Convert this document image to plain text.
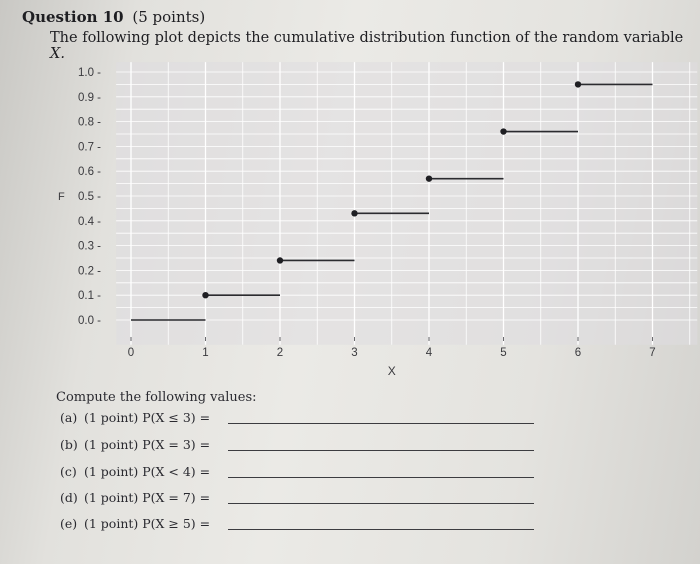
Question 10 (5 points)
The following plot depicts the cumulative distribution function of the random variable X.
0.0 -
0.1 -
0.2 -
0.3 -
0.4 -
0.5 -
0.6 -
0.7 -
0.8 -
0.9 -
1.0 -
F
0	1	2	3	4	5	6	7
X
Compute the following values:
(a) (1 point) P(X ≤ 3) =
(b) (1 point) P(X = 3) =
(c) (1 point) P(X < 4) =
(d) (1 point) P(X = 7) =
(e) (1 point) P(X ≥ 5) =
